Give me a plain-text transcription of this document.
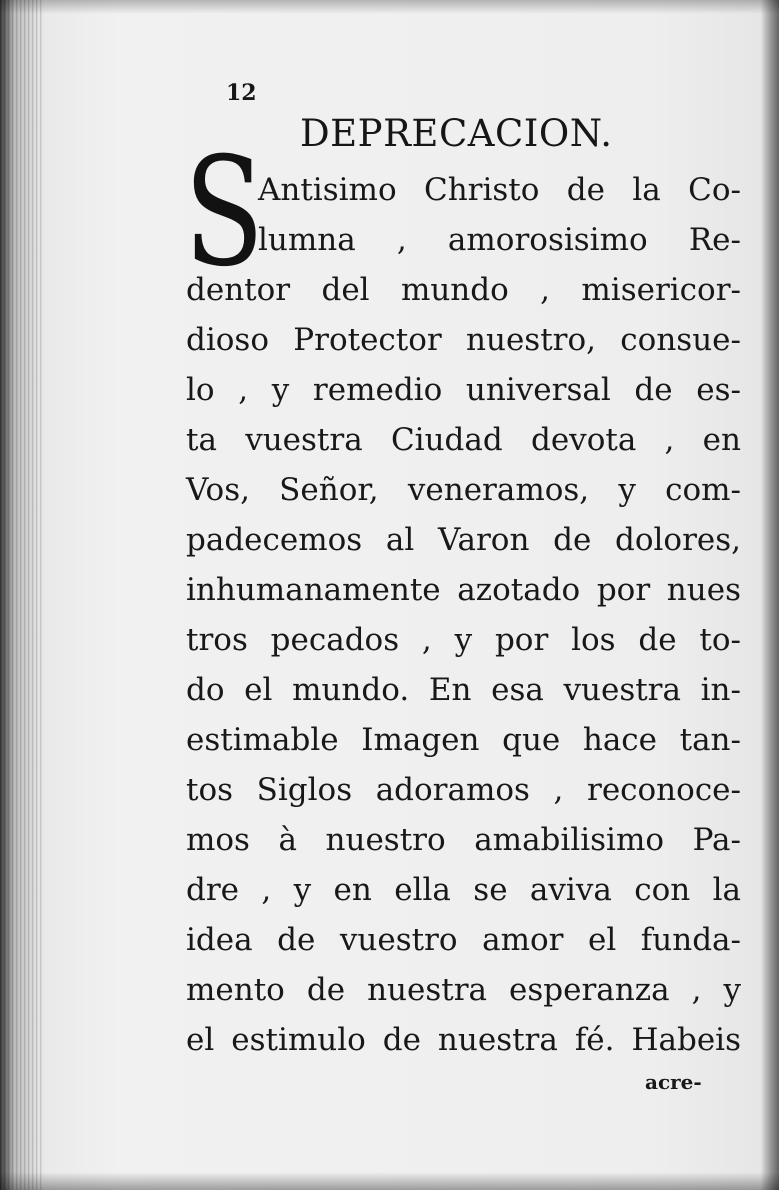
12
DEPRECACION.
S
Antisimo Christo de la Co-
lumna , amorosisimo Re-
dentor del mundo , misericor-
dioso Protector nuestro, consue-
lo , y remedio universal de es-
ta vuestra Ciudad devota , en
Vos, Señor, veneramos, y com-
padecemos al Varon de dolores,
inhumanamente azotado por nues
tros pecados , y por los de to-
do el mundo. En esa vuestra in-
estimable Imagen que hace tan-
tos Siglos adoramos , reconoce-
mos à nuestro amabilisimo Pa-
dre , y en ella se aviva con la
idea de vuestro amor el funda-
mento de nuestra esperanza , y
el estimulo de nuestra fé. Habeis
acre-
